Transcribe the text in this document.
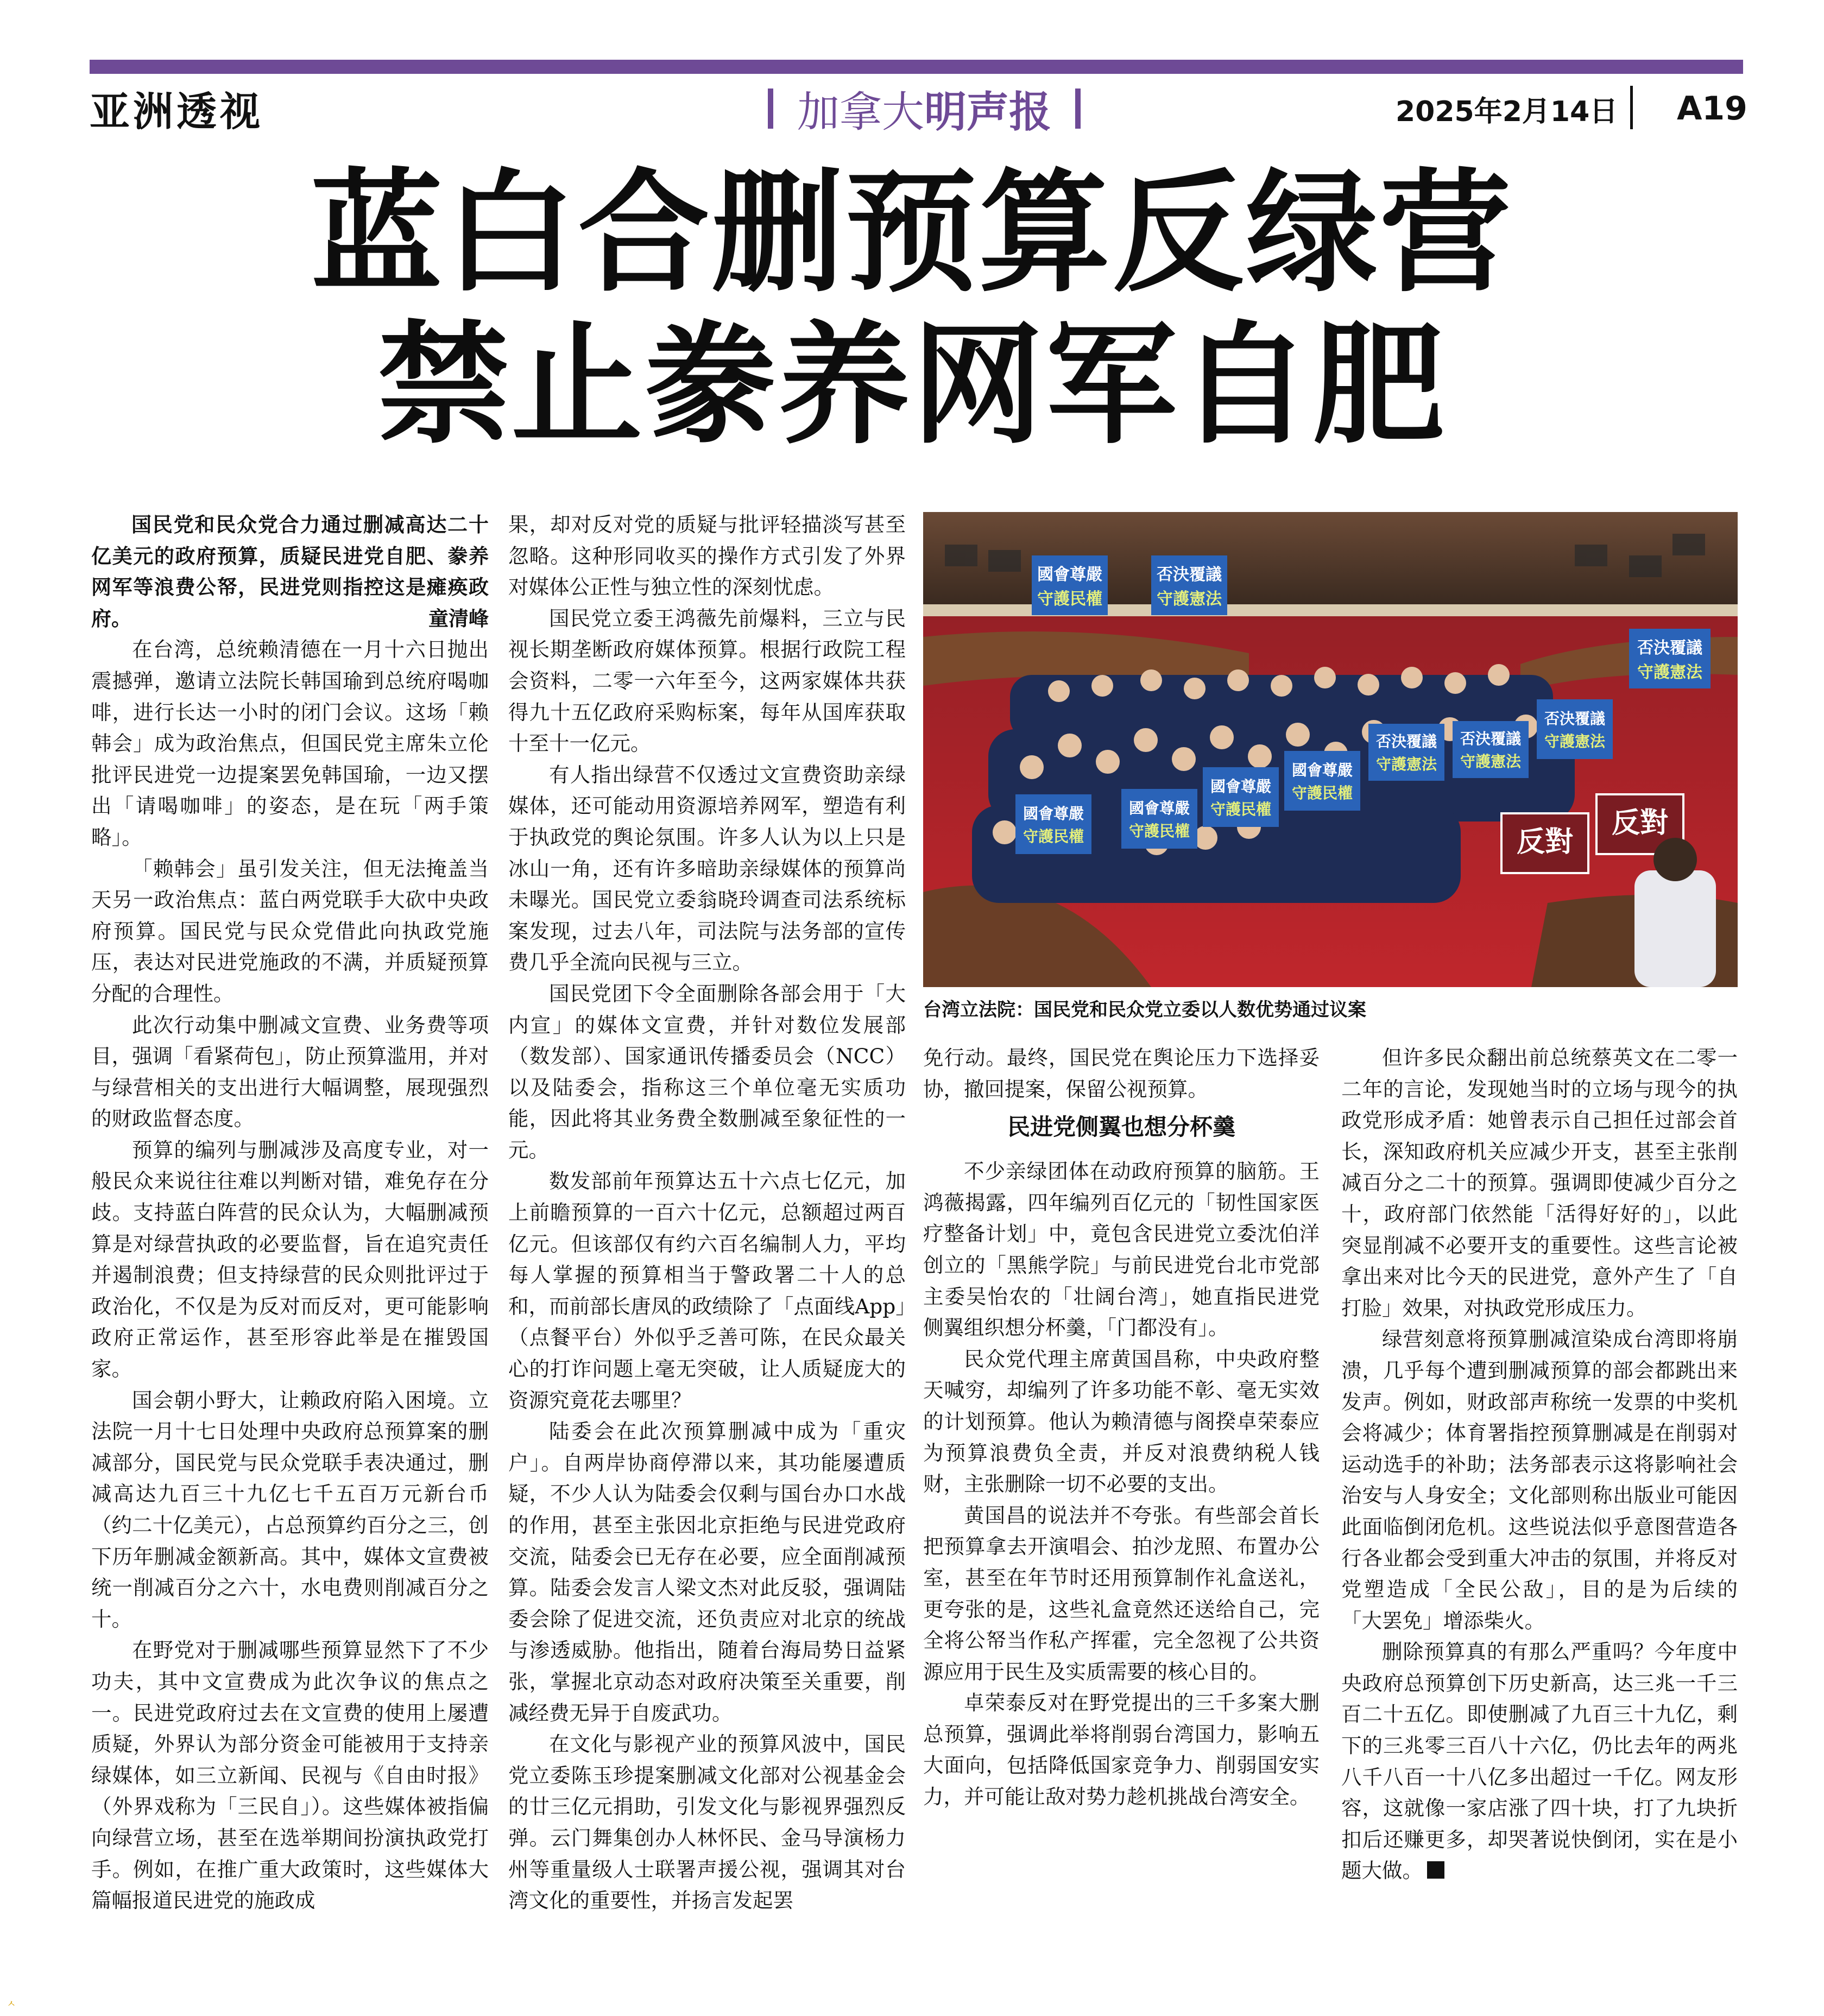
亚洲透视	加拿大 明声报	2025年2月14日 A19
蓝白合删预算反绿营
禁止豢养网军自肥

国民党和民众党合力通过删减高达二十亿美元的政府预算，质疑民进党自肥、豢养网军等浪费公帑，民进党则指控这是瘫痪政府。	童清峰

在台湾，总统赖清德在一月十六日抛出震撼弹，邀请立法院长韩国瑜到总统府喝咖啡，进行长达一小时的闭门会议。这场「赖韩会」成为政治焦点，但国民党主席朱立伦批评民进党一边提案罢免韩国瑜，一边又摆出「请喝咖啡」的姿态，是在玩「两手策略」。

「赖韩会」虽引发关注，但无法掩盖当天另一政治焦点：蓝白两党联手大砍中央政府预算。国民党与民众党借此向执政党施压，表达对民进党施政的不满，并质疑预算分配的合理性。

此次行动集中删减文宣费、业务费等项目，强调「看紧荷包」，防止预算滥用，并对与绿营相关的支出进行大幅调整，展现强烈的财政监督态度。

预算的编列与删减涉及高度专业，对一般民众来说往往难以判断对错，难免存在分歧。支持蓝白阵营的民众认为，大幅删减预算是对绿营执政的必要监督，旨在追究责任并遏制浪费；但支持绿营的民众则批评过于政治化，不仅是为反对而反对，更可能影响政府正常运作，甚至形容此举是在摧毁国家。

国会朝小野大，让赖政府陷入困境。立法院一月十七日处理中央政府总预算案的删减部分，国民党与民众党联手表决通过，删减高达九百三十九亿七千五百万元新台币（约二十亿美元），占总预算约百分之三，创下历年删减金额新高。其中，媒体文宣费被统一削减百分之六十，水电费则削减百分之十。

在野党对于删减哪些预算显然下了不少功夫，其中文宣费成为此次争议的焦点之一。民进党政府过去在文宣费的使用上屡遭质疑，外界认为部分资金可能被用于支持亲绿媒体，如三立新闻、民视与《自由时报》（外界戏称为「三民自」）。这些媒体被指偏向绿营立场，甚至在选举期间扮演执政党打手。例如，在推广重大政策时，这些媒体大篇幅报道民进党的施政成

果，却对反对党的质疑与批评轻描淡写甚至忽略。这种形同收买的操作方式引发了外界对媒体公正性与独立性的深刻忧虑。

国民党立委王鸿薇先前爆料，三立与民视长期垄断政府媒体预算。根据行政院工程会资料，二零一六年至今，这两家媒体共获得九十五亿政府采购标案，每年从国库获取十至十一亿元。

有人指出绿营不仅透过文宣费资助亲绿媒体，还可能动用资源培养网军，塑造有利于执政党的舆论氛围。许多人认为以上只是冰山一角，还有许多暗助亲绿媒体的预算尚未曝光。国民党立委翁晓玲调查司法系统标案发现，过去八年，司法院与法务部的宣传费几乎全流向民视与三立。

国民党团下令全面删除各部会用于「大内宣」的媒体文宣费，并针对数位发展部（数发部）、国家通讯传播委员会（NCC）以及陆委会，指称这三个单位毫无实质功能，因此将其业务费全数删减至象征性的一元。

数发部前年预算达五十六点七亿元，加上前瞻预算的一百六十亿元，总额超过两百亿元。但该部仅有约六百名编制人力，平均每人掌握的预算相当于警政署二十人的总和，而前部长唐凤的政绩除了「点面线App」（点餐平台）外似乎乏善可陈，在民众最关心的打诈问题上毫无突破，让人质疑庞大的资源究竟花去哪里？

陆委会在此次预算删减中成为「重灾户」。自两岸协商停滞以来，其功能屡遭质疑，不少人认为陆委会仅剩与国台办口水战的作用，甚至主张因北京拒绝与民进党政府交流，陆委会已无存在必要，应全面削减预算。陆委会发言人梁文杰对此反驳，强调陆委会除了促进交流，还负责应对北京的统战与渗透威胁。他指出，随着台海局势日益紧张，掌握北京动态对政府决策至关重要，削减经费无异于自废武功。

在文化与影视产业的预算风波中，国民党立委陈玉珍提案删减文化部对公视基金会的廿三亿元捐助，引发文化与影视界强烈反弹。云门舞集创办人林怀民、金马导演杨力州等重量级人士联署声援公视，强调其对台湾文化的重要性，并扬言发起罢

國會尊嚴
守護民權
否決覆議
守護憲法
否決覆議
守護憲法
否決覆議
守護憲法
否決覆議
守護憲法
否決覆議
守護憲法
國會尊嚴
守護民權
國會尊嚴
守護民權
國會尊嚴
守護民權
國會尊嚴
守護民權
反對
反對
台湾立法院：国民党和民众党立委以人数优势通过议案

免行动。最终，国民党在舆论压力下选择妥协，撤回提案，保留公视预算。

民进党侧翼也想分杯羹

不少亲绿团体在动政府预算的脑筋。王鸿薇揭露，四年编列百亿元的「韧性国家医疗整备计划」中，竟包含民进党立委沈伯洋创立的「黑熊学院」与前民进党台北市党部主委吴怡农的「壮阔台湾」，她直指民进党侧翼组织想分杯羹，「门都没有」。

民众党代理主席黄国昌称，中央政府整天喊穷，却编列了许多功能不彰、毫无实效的计划预算。他认为赖清德与阁揆卓荣泰应为预算浪费负全责，并反对浪费纳税人钱财，主张删除一切不必要的支出。

黄国昌的说法并不夸张。有些部会首长把预算拿去开演唱会、拍沙龙照、布置办公室，甚至在年节时还用预算制作礼盒送礼，更夸张的是，这些礼盒竟然还送给自己，完全将公帑当作私产挥霍，完全忽视了公共资源应用于民生及实质需要的核心目的。

卓荣泰反对在野党提出的三千多案大删总预算，强调此举将削弱台湾国力，影响五大面向，包括降低国家竞争力、削弱国安实力，并可能让敌对势力趁机挑战台湾安全。

但许多民众翻出前总统蔡英文在二零一二年的言论，发现她当时的立场与现今的执政党形成矛盾：她曾表示自己担任过部会首长，深知政府机关应减少开支，甚至主张削减百分之二十的预算。强调即使减少百分之十，政府部门依然能「活得好好的」，以此突显削减不必要开支的重要性。这些言论被拿出来对比今天的民进党，意外产生了「自打脸」效果，对执政党形成压力。

绿营刻意将预算删减渲染成台湾即将崩溃，几乎每个遭到删减预算的部会都跳出来发声。例如，财政部声称统一发票的中奖机会将减少；体育署指控预算删减是在削弱对运动选手的补助；法务部表示这将影响社会治安与人身安全；文化部则称出版业可能因此面临倒闭危机。这些说法似乎意图营造各行各业都会受到重大冲击的氛围，并将反对党塑造成「全民公敌」，目的是为后续的「大罢免」增添柴火。

删除预算真的有那么严重吗？今年度中央政府总预算创下历史新高，达三兆一千三百二十五亿。即使删减了九百三十九亿，剩下的三兆零三百八十六亿，仍比去年的两兆八千八百一十八亿多出超过一千亿。网友形容，这就像一家店涨了四十块，打了九块折扣后还赚更多，却哭著说快倒闭，实在是小题大做。

ㅅ
